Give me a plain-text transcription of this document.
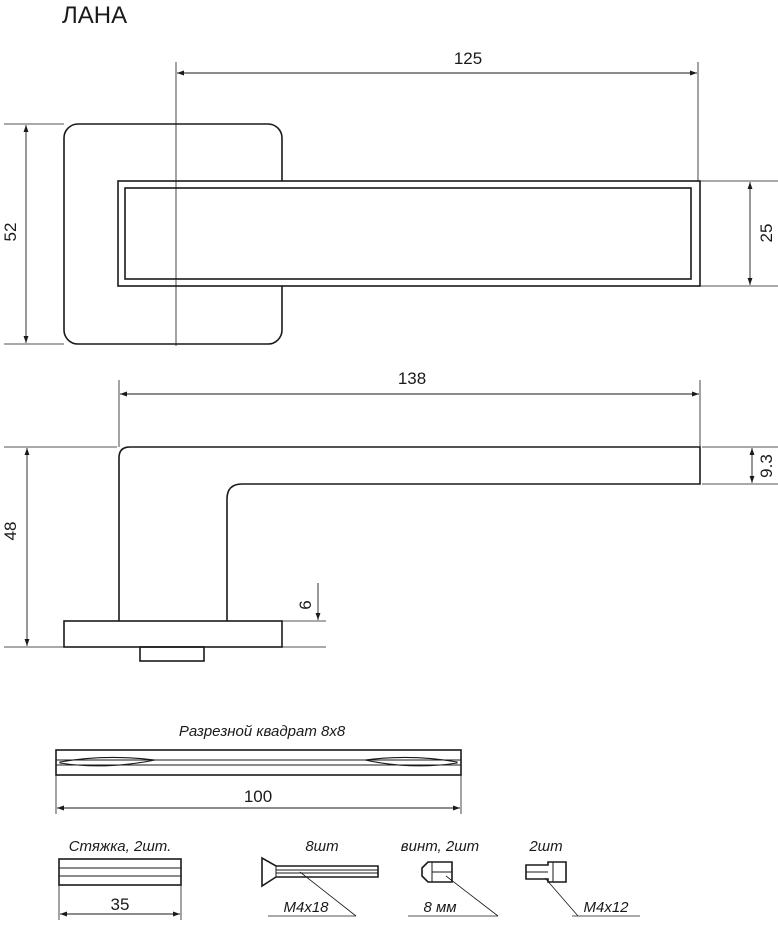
ЛАНА
125
52	25
138
9.3
48
6
Разрезной квадрат 8х8
100
Стяжка, 2шт.
35
8шт
М4х18
винт, 2шт
8 мм
2шт
М4х12
